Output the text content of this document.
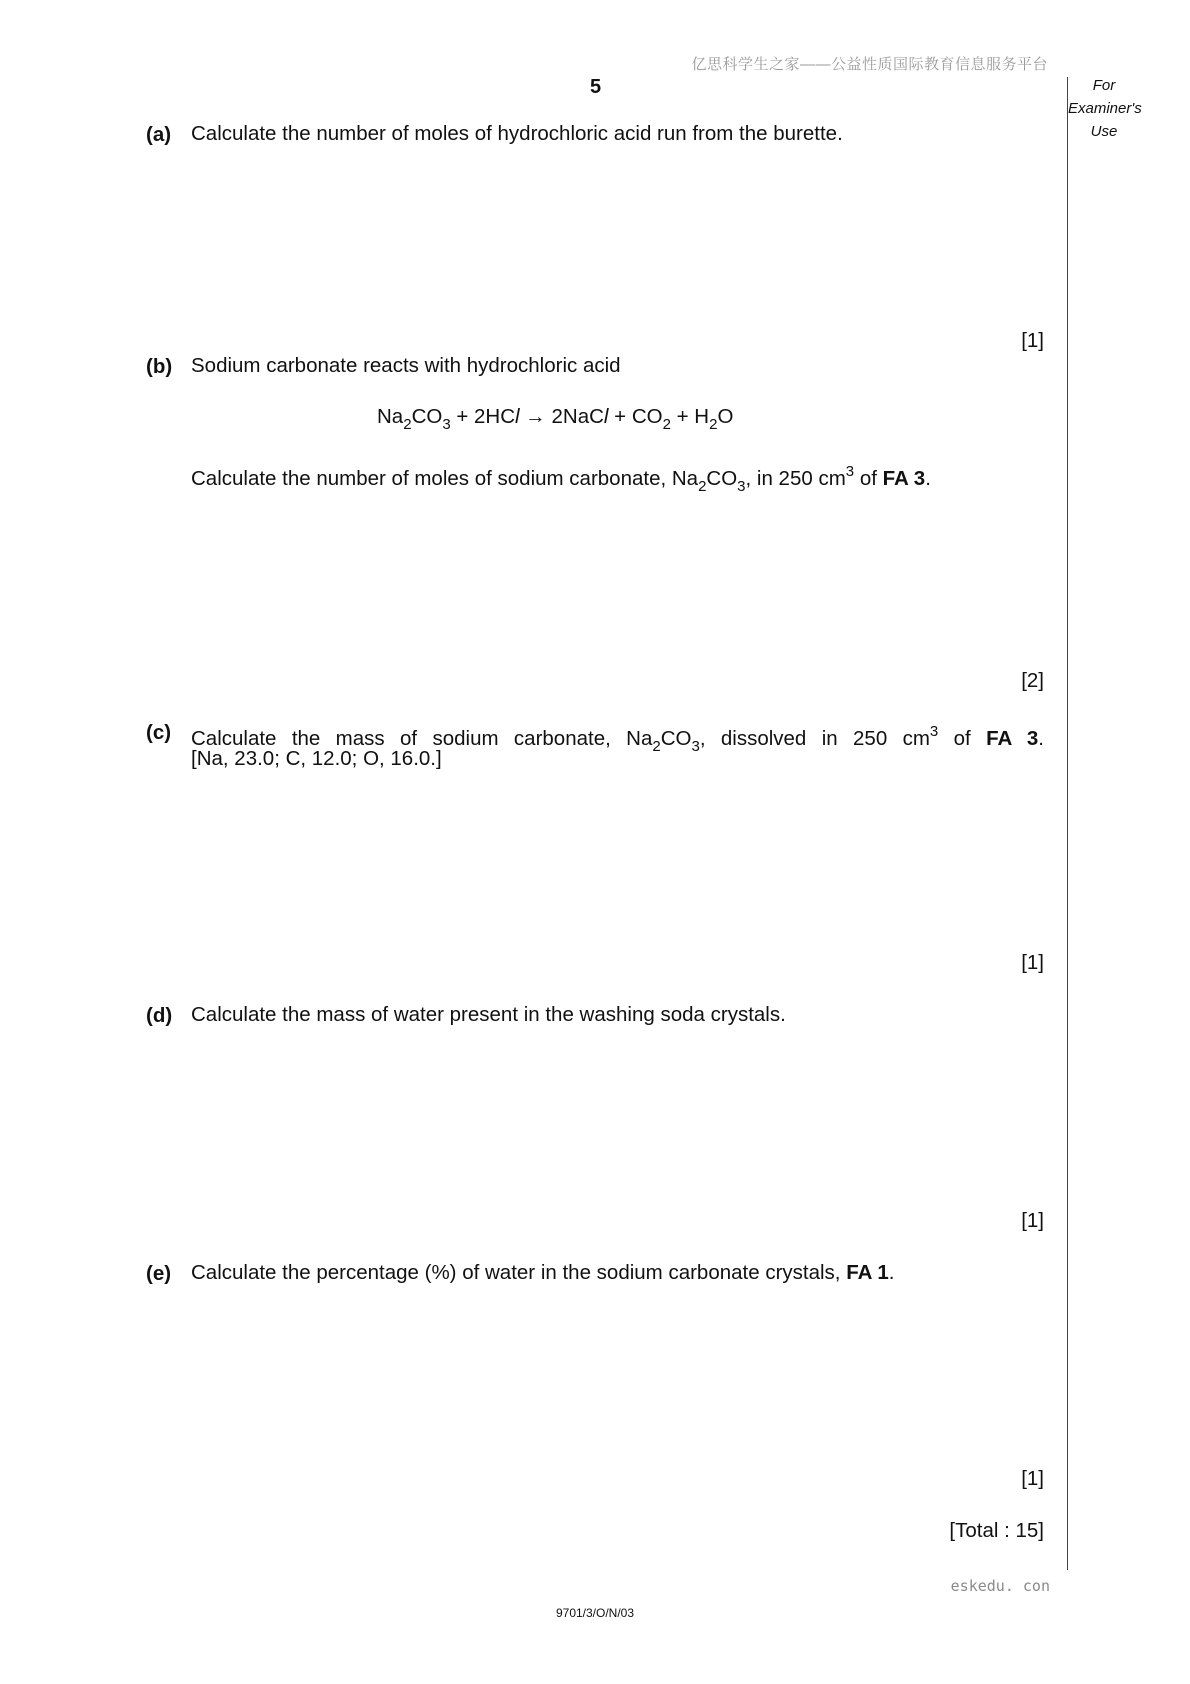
亿思科学生之家——公益性质国际教育信息服务平台
5	For
Examiner's
Use
(a) Calculate the number of moles of hydrochloric acid run from the burette.
[1]
(b) Sodium carbonate reacts with hydrochloric acid
$Na_2CO_3 + 2HCl$ → 2NaCl + $CO_2 + H_2O$
Calculate the number of moles of sodium carbonate, $Na_2CO_3$, in 250 $cm^3$ of FA 3.
[2]
(c) Calculate the mass of sodium carbonate, $Na_2CO_3$, dissolved in 250 $cm^3$ of FA 3.
[Na, 23.0; C, 12.0; O, 16.0.]
[1]
(d) Calculate the mass of water present in the washing soda crystals.
[1]
(e) Calculate the percentage (%) of water in the sodium carbonate crystals, FA 1.
[1]
[Total : 15]
eskedu. con
9701/3/O/N/03
